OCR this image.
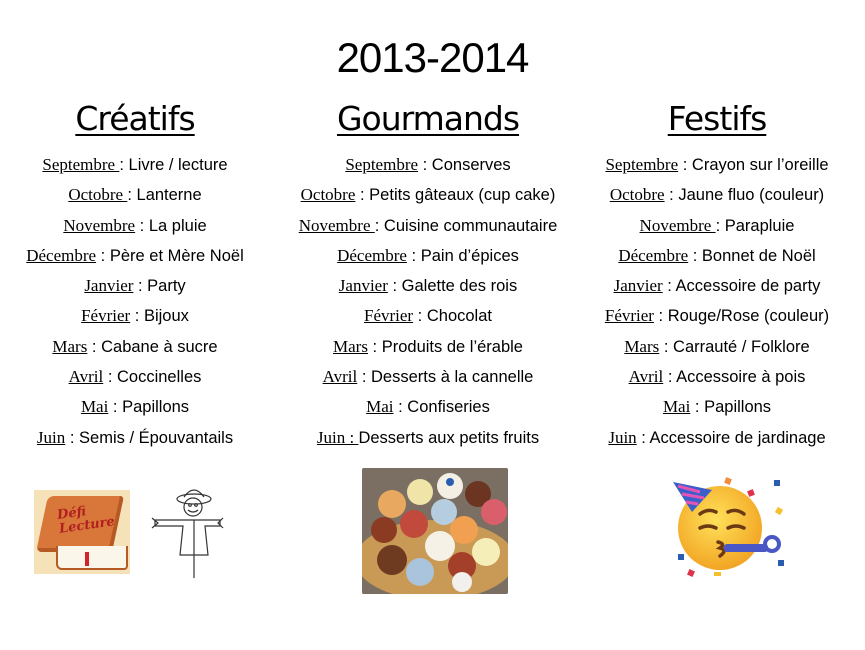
2013-2014
Créatifs
Septembre : Livre / lecture
Octobre : Lanterne
Novembre : La pluie
Décembre : Père et Mère Noël
Janvier : Party
Février : Bijoux
Mars : Cabane à sucre
Avril : Coccinelles
Mai : Papillons
Juin : Semis / Épouvantails
Gourmands
Septembre : Conserves
Octobre : Petits gâteaux (cup cake)
Novembre : Cuisine communautaire
Décembre : Pain d’épices
Janvier : Galette des rois
Février : Chocolat
Mars : Produits de l’érable
Avril : Desserts à la cannelle
Mai : Confiseries
Juin : Desserts aux petits fruits
Festifs
Septembre : Crayon sur l’oreille
Octobre : Jaune fluo (couleur)
Novembre : Parapluie
Décembre : Bonnet de Noël
Janvier : Accessoire de party
Février : Rouge/Rose (couleur)
Mars : Carrauté / Folklore
Avril : Accessoire à pois
Mai : Papillons
Juin : Accessoire de jardinage
Défi Lecture
